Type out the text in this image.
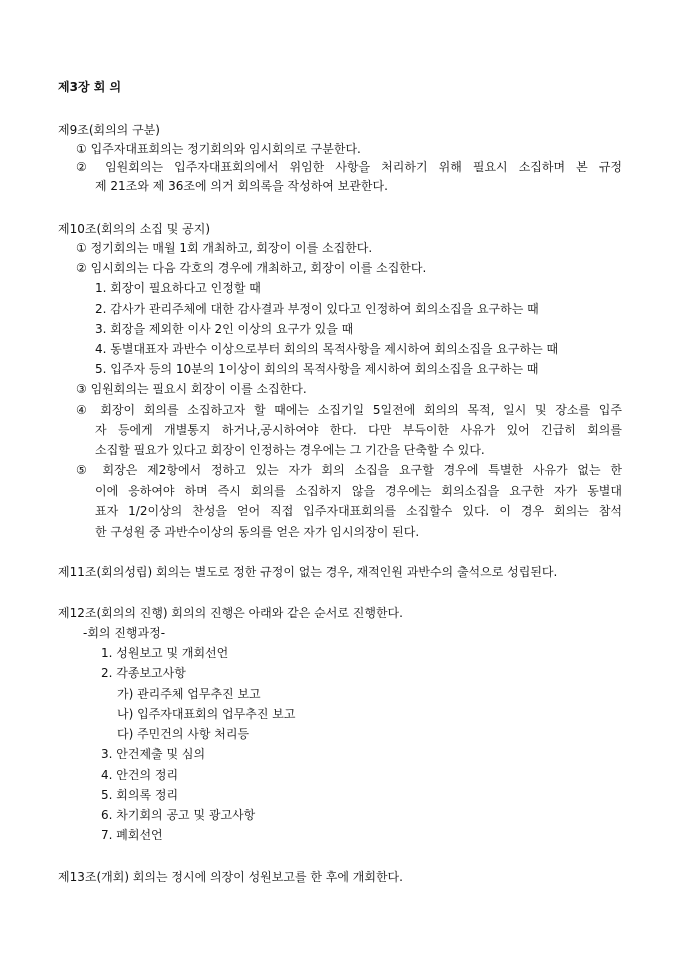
제3장 회 의
제9조(회의의 구분)
① 입주자대표회의는 정기회의와 임시회의로 구분한다.
② 임원회의는 입주자대표회의에서 위임한 사항을 처리하기 위해 필요시 소집하며 본 규정
제 21조와 제 36조에 의거 회의록을 작성하여 보관한다.
제10조(회의의 소집 및 공지)
① 정기회의는 매월 1회 개최하고, 회장이 이를 소집한다.
② 임시회의는 다음 각호의 경우에 개최하고, 회장이 이를 소집한다.
1. 회장이 필요하다고 인정할 때
2. 감사가 관리주체에 대한 감사결과 부정이 있다고 인정하여 회의소집을 요구하는 때
3. 회장을 제외한 이사 2인 이상의 요구가 있을 때
4. 동별대표자 과반수 이상으로부터 회의의 목적사항을 제시하여 회의소집을 요구하는 때
5. 입주자 등의 10분의 1이상이 회의의 목적사항을 제시하여 회의소집을 요구하는 때
③ 임원회의는 필요시 회장이 이를 소집한다.
④ 회장이 회의를 소집하고자 할 때에는 소집기일 5일전에 회의의 목적, 일시 및 장소를 입주
자 등에게 개별통지 하거나,공시하여야 한다. 다만 부득이한 사유가 있어 긴급히 회의를
소집할 필요가 있다고 회장이 인정하는 경우에는 그 기간을 단축할 수 있다.
⑤ 회장은 제2항에서 정하고 있는 자가 회의 소집을 요구할 경우에 특별한 사유가 없는 한
이에 응하여야 하며 즉시 회의를 소집하지 않을 경우에는 회의소집을 요구한 자가 동별대
표자 1/2이상의 찬성을 얻어 직접 입주자대표회의를 소집할수 있다. 이 경우 회의는 참석
한 구성원 중 과반수이상의 동의를 얻은 자가 임시의장이 된다.
제11조(회의성립) 회의는 별도로 정한 규정이 없는 경우, 재적인원 과반수의 출석으로 성립된다.
제12조(회의의 진행) 회의의 진행은 아래와 같은 순서로 진행한다.
-회의 진행과정-
1. 성원보고 및 개회선언
2. 각종보고사항
가) 관리주체 업무추진 보고
나) 입주자대표회의 업무추진 보고
다) 주민건의 사항 처리등
3. 안건제출 및 심의
4. 안건의 정리
5. 회의록 정리
6. 차기회의 공고 및 광고사항
7. 폐회선언
제13조(개회) 회의는 정시에 의장이 성원보고를 한 후에 개회한다.
